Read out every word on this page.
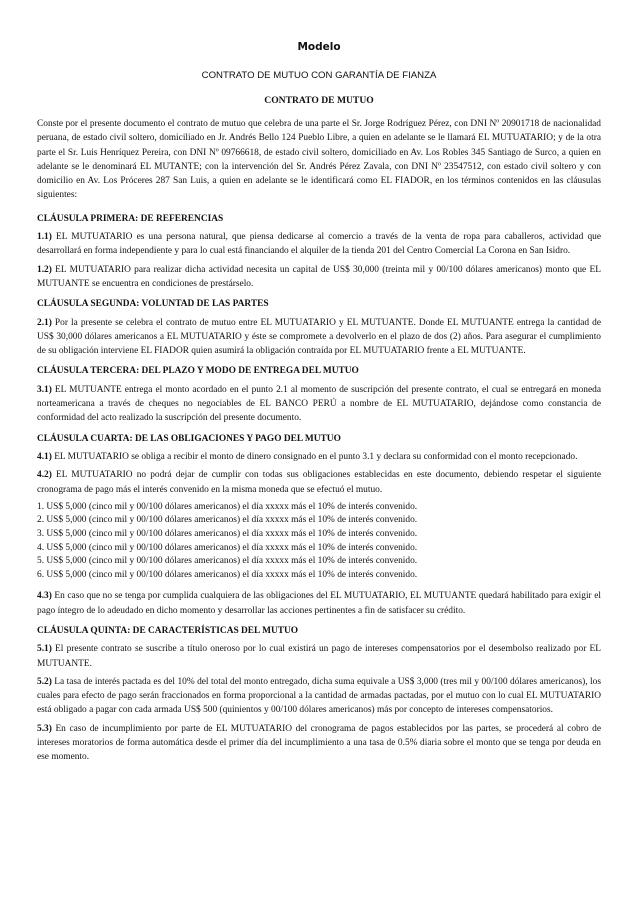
Modelo
CONTRATO DE MUTUO CON GARANTÍA DE FIANZA
CONTRATO DE MUTUO

Conste por el presente documento el contrato de mutuo que celebra de una parte el Sr. Jorge Rodríguez Pérez, con DNI Nº 20901718 de nacionalidad peruana, de estado civil soltero, domiciliado en Jr. Andrés Bello 124 Pueblo Libre, a quien en adelante se le llamará EL MUTUATARIO; y de la otra parte el Sr. Luis Henríquez Pereira, con DNI Nº 09766618, de estado civil soltero, domiciliado en Av. Los Robles 345 Santiago de Surco, a quien en adelante se le denominará EL MUTANTE; con la intervención del Sr. Andrés Pérez Zavala, con DNI Nº 23547512, con estado civil soltero y con domicilio en Av. Los Próceres 287 San Luis, a quien en adelante se le identificará como EL FIADOR, en los términos contenidos en las cláusulas siguientes:

CLÁUSULA PRIMERA: DE REFERENCIAS

1.1) EL MUTUATARIO es una persona natural, que piensa dedicarse al comercio a través de la venta de ropa para caballeros, actividad que desarrollará en forma independiente y para lo cual está financiando el alquiler de la tienda 201 del Centro Comercial La Corona en San Isidro.

1.2) EL MUTUATARIO para realizar dicha actividad necesita un capital de US$ 30,000 (treinta mil y 00/100 dólares americanos) monto que EL MUTUANTE se encuentra en condiciones de prestárselo.

CLÁUSULA SEGUNDA: VOLUNTAD DE LAS PARTES

2.1) Por la presente se celebra el contrato de mutuo entre EL MUTUATARIO y EL MUTUANTE. Donde EL MUTUANTE entrega la cantidad de US$ 30,000 dólares americanos a EL MUTUATARIO y éste se compromete a devolverlo en el plazo de dos (2) años. Para asegurar el cumplimiento de su obligación interviene EL FIADOR quien asumirá la obligación contraída por EL MUTUATARIO frente a EL MUTUANTE.

CLÁUSULA TERCERA: DEL PLAZO Y MODO DE ENTREGA DEL MUTUO

3.1) EL MUTUANTE entrega el monto acordado en el punto 2.1 al momento de suscripción del presente contrato, el cual se entregará en moneda norteamericana a través de cheques no negociables de EL BANCO PERÚ a nombre de EL MUTUATARIO, dejándose como constancia de conformidad del acto realizado la suscripción del presente documento.

CLÁUSULA CUARTA: DE LAS OBLIGACIONES Y PAGO DEL MUTUO

4.1) EL MUTUATARIO se obliga a recibir el monto de dinero consignado en el punto 3.1 y declara su conformidad con el monto recepcionado.

4.2) EL MUTUATARIO no podrá dejar de cumplir con todas sus obligaciones establecidas en este documento, debiendo respetar el siguiente cronograma de pago más el interés convenido en la misma moneda que se efectuó el mutuo.

1. US$ 5,000 (cinco mil y 00/100 dólares americanos) el día xxxxx más el 10% de interés convenido.
2. US$ 5,000 (cinco mil y 00/100 dólares americanos) el día xxxxx más el 10% de interés convenido.
3. US$ 5,000 (cinco mil y 00/100 dólares americanos) el día xxxxx más el 10% de interés convenido.
4. US$ 5,000 (cinco mil y 00/100 dólares americanos) el día xxxxx más el 10% de interés convenido.
5. US$ 5,000 (cinco mil y 00/100 dólares americanos) el día xxxxx más el 10% de interés convenido.
6. US$ 5,000 (cinco mil y 00/100 dólares americanos) el día xxxxx más el 10% de interés convenido.

4.3) En caso que no se tenga por cumplida cualquiera de las obligaciones del EL MUTUATARIO, EL MUTUANTE quedará habilitado para exigir el pago íntegro de lo adeudado en dicho momento y desarrollar las acciones pertinentes a fin de satisfacer su crédito.

CLÁUSULA QUINTA: DE CARACTERÍSTICAS DEL MUTUO

5.1) El presente contrato se suscribe a título oneroso por lo cual existirá un pago de intereses compensatorios por el desembolso realizado por EL MUTUANTE.

5.2) La tasa de interés pactada es del 10% del total del monto entregado, dicha suma equivale a US$ 3,000 (tres mil y 00/100 dólares americanos), los cuales para efecto de pago serán fraccionados en forma proporcional a la cantidad de armadas pactadas, por el mutuo con lo cual EL MUTUATARIO está obligado a pagar con cada armada US$ 500 (quinientos y 00/100 dólares americanos) más por concepto de intereses compensatorios.

5.3) En caso de incumplimiento por parte de EL MUTUATARIO del cronograma de pagos establecidos por las partes, se procederá al cobro de intereses moratorios de forma automática desde el primer día del incumplimiento a una tasa de 0.5% diaria sobre el monto que se tenga por deuda en ese momento.
